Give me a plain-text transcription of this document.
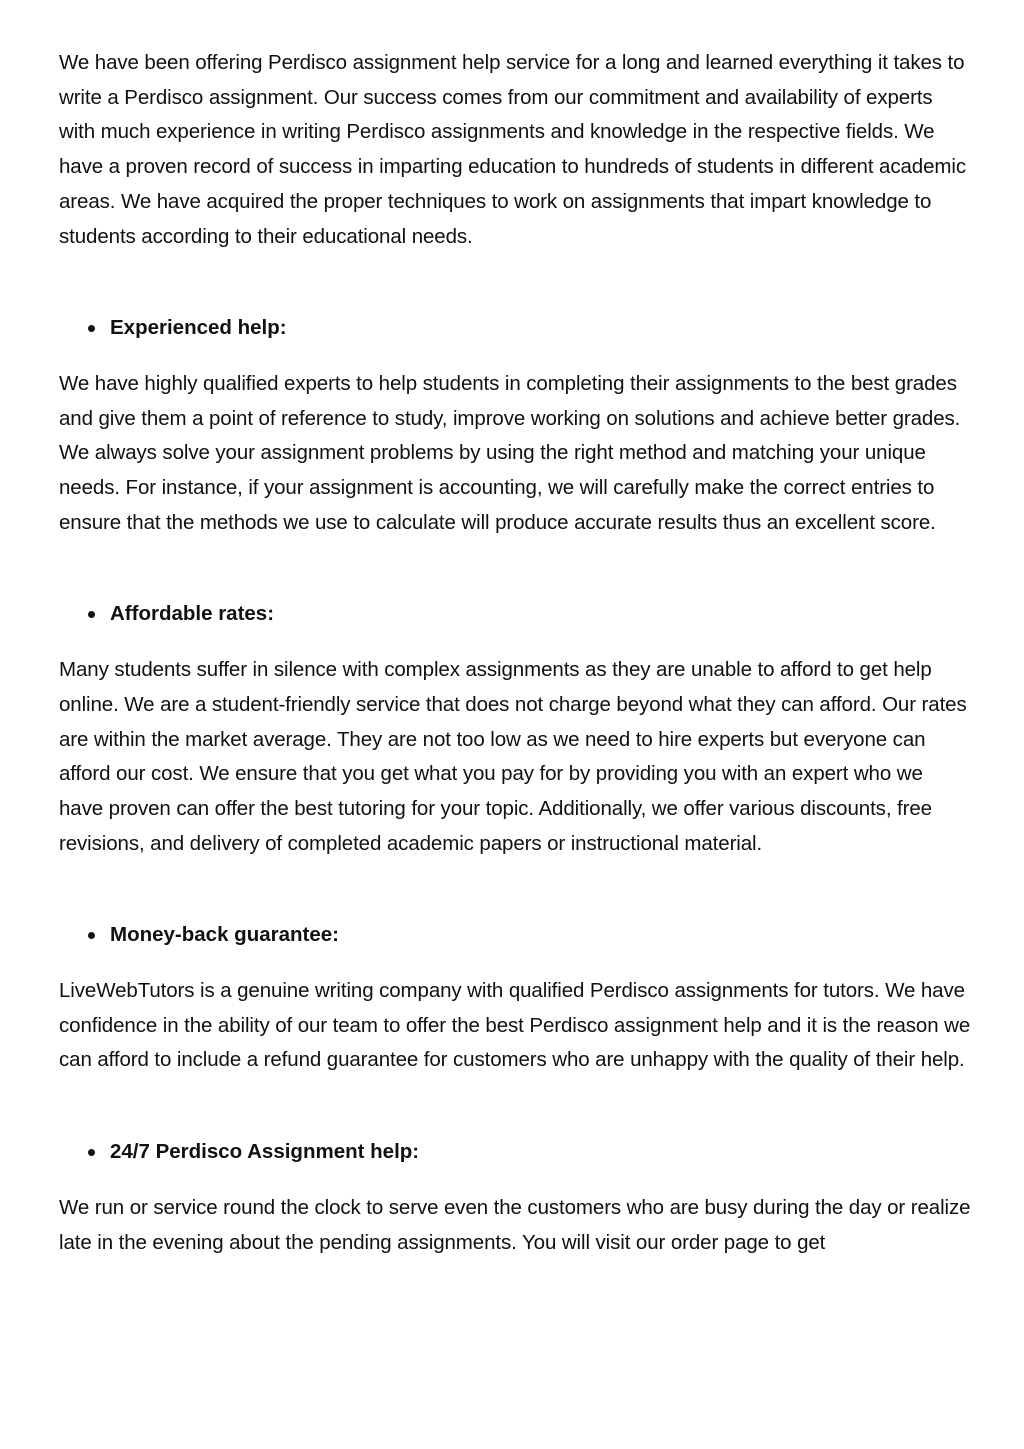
We have been offering Perdisco assignment help service for a long and learned everything it takes to write a Perdisco assignment. Our success comes from our commitment and availability of experts with much experience in writing Perdisco assignments and knowledge in the respective fields. We have a proven record of success in imparting education to hundreds of students in different academic areas. We have acquired the proper techniques to work on assignments that impart knowledge to students according to their educational needs.

Experienced help:

We have highly qualified experts to help students in completing their assignments to the best grades and give them a point of reference to study, improve working on solutions and achieve better grades. We always solve your assignment problems by using the right method and matching your unique needs. For instance, if your assignment is accounting, we will carefully make the correct entries to ensure that the methods we use to calculate will produce accurate results thus an excellent score.

Affordable rates:

Many students suffer in silence with complex assignments as they are unable to afford to get help online. We are a student-friendly service that does not charge beyond what they can afford. Our rates are within the market average. They are not too low as we need to hire experts but everyone can afford our cost. We ensure that you get what you pay for by providing you with an expert who we have proven can offer the best tutoring for your topic. Additionally, we offer various discounts, free revisions, and delivery of completed academic papers or instructional material.

Money-back guarantee:

LiveWebTutors is a genuine writing company with qualified Perdisco assignments for tutors. We have confidence in the ability of our team to offer the best Perdisco assignment help and it is the reason we can afford to include a refund guarantee for customers who are unhappy with the quality of their help.

24/7 Perdisco Assignment help:

We run or service round the clock to serve even the customers who are busy during the day or realize late in the evening about the pending assignments. You will visit our order page to get
